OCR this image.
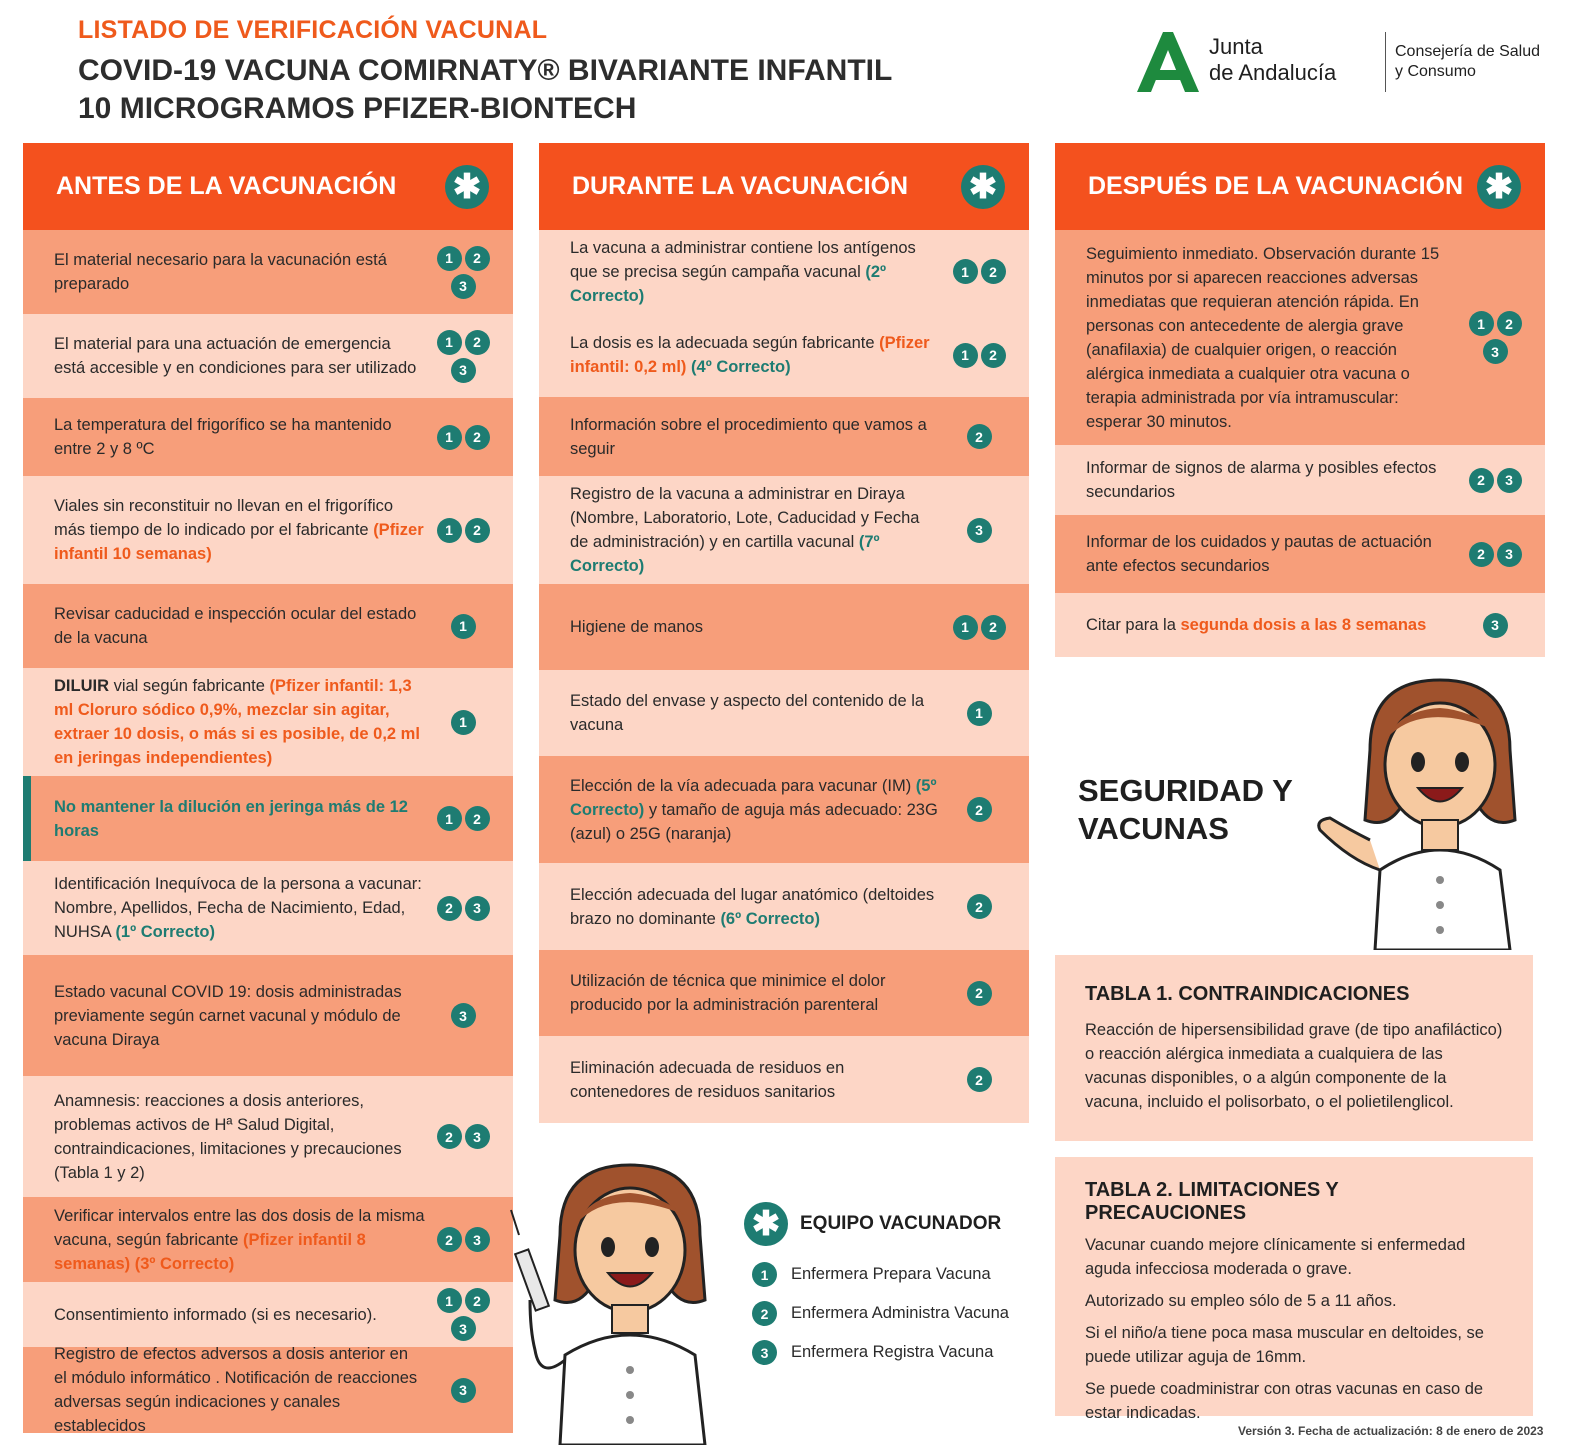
LISTADO DE VERIFICACIÓN VACUNAL
COVID-19 VACUNA COMIRNATY® BIVARIANTE INFANTIL
10 MICROGRAMOS PFIZER-BIONTECH
Junta
de Andalucía
Consejería de Salud
y Consumo
ANTES DE LA VACUNACIÓN ✱
El material necesario para la vacunación está preparado
1	2
3
El material para una actuación de emergencia está accesible y en condiciones para ser utilizado
1	2
3
La temperatura del frigorífico se ha mantenido entre 2 y 8 ºC
1	2
Viales sin reconstituir no llevan en el frigorífico más tiempo de lo indicado por el fabricante (Pfizer infantil 10 semanas)
1	2
Revisar caducidad e inspección ocular del estado de la vacuna
1
DILUIR vial según fabricante (Pfizer infantil: 1,3 ml Cloruro sódico 0,9%, mezclar sin agitar, extraer 10 dosis, o más si es posible, de 0,2 ml en jeringas independientes)
1
No mantener la dilución en jeringa más de 12 horas
1	2
Identificación Inequívoca de la persona a vacunar: Nombre, Apellidos, Fecha de Nacimiento, Edad, NUHSA (1º Correcto)
2	3
Estado vacunal COVID 19: dosis administradas previamente según carnet vacunal y módulo de vacuna Diraya
3
Anamnesis: reacciones a dosis anteriores, problemas activos de Hª Salud Digital, contraindicaciones, limitaciones y precauciones (Tabla 1 y 2)
2	3
Verificar intervalos entre las dos dosis de la misma vacuna, según fabricante (Pfizer infantil 8 semanas) (3º Correcto)
2	3
Consentimiento informado (si es necesario).
1	2
3
Registro de efectos adversos a dosis anterior en el módulo informático . Notificación de reacciones adversas según indicaciones y canales establecidos
3
DURANTE LA VACUNACIÓN ✱
La vacuna a administrar contiene los antígenos que se precisa según campaña vacunal (2º Correcto)
1	2
La dosis es la adecuada según fabricante (Pfizer infantil: 0,2 ml) (4º Correcto)
1	2
Información sobre el procedimiento que vamos a seguir
2
Registro de la vacuna a administrar en Diraya (Nombre, Laboratorio, Lote, Caducidad y Fecha de administración) y en cartilla vacunal (7º Correcto)
3
Higiene de manos	1	2
Estado del envase y aspecto del contenido de la vacuna
1
Elección de la vía adecuada para vacunar (IM) (5º Correcto) y tamaño de aguja más adecuado: 23G (azul) o 25G (naranja)
2
Elección adecuada del lugar anatómico (deltoides brazo no dominante (6º Correcto)
2
Utilización de técnica que minimice el dolor producido por la administración parenteral
2
Eliminación adecuada de residuos en contenedores de residuos sanitarios
2
DESPUÉS DE LA VACUNACIÓN ✱
Seguimiento inmediato. Observación durante 15 minutos por si aparecen reacciones adversas inmediatas que requieran atención rápida. En personas con antecedente de alergia grave (anafilaxia) de cualquier origen, o reacción alérgica inmediata a cualquier otra vacuna o terapia administrada por vía intramuscular: esperar 30 minutos.
1	2
3
Informar de signos de alarma y posibles efectos secundarios
2	3
Informar de los cuidados y pautas de actuación ante efectos secundarios
2	3
Citar para la segunda dosis a las 8 semanas	3
SEGURIDAD Y VACUNAS
TABLA 1. CONTRAINDICACIONES

Reacción de hipersensibilidad grave (de tipo anafiláctico) o reacción alérgica inmediata a cualquiera de las vacunas disponibles, o a algún componente de la vacuna, incluido el polisorbato, o el polietilenglicol.

TABLA 2. LIMITACIONES Y PRECAUCIONES

Vacunar cuando mejore clínicamente si enfermedad aguda infecciosa moderada o grave.

Autorizado su empleo sólo de 5 a 11 años.

Si el niño/a tiene poca masa muscular en deltoides, se puede utilizar aguja de 16mm.

Se puede coadministrar con otras vacunas en caso de estar indicadas.

✱	EQUIPO VACUNADOR
1	Enfermera Prepara Vacuna
2	Enfermera Administra Vacuna
3	Enfermera Registra Vacuna
Versión 3. Fecha de actualización: 8 de enero de 2023
